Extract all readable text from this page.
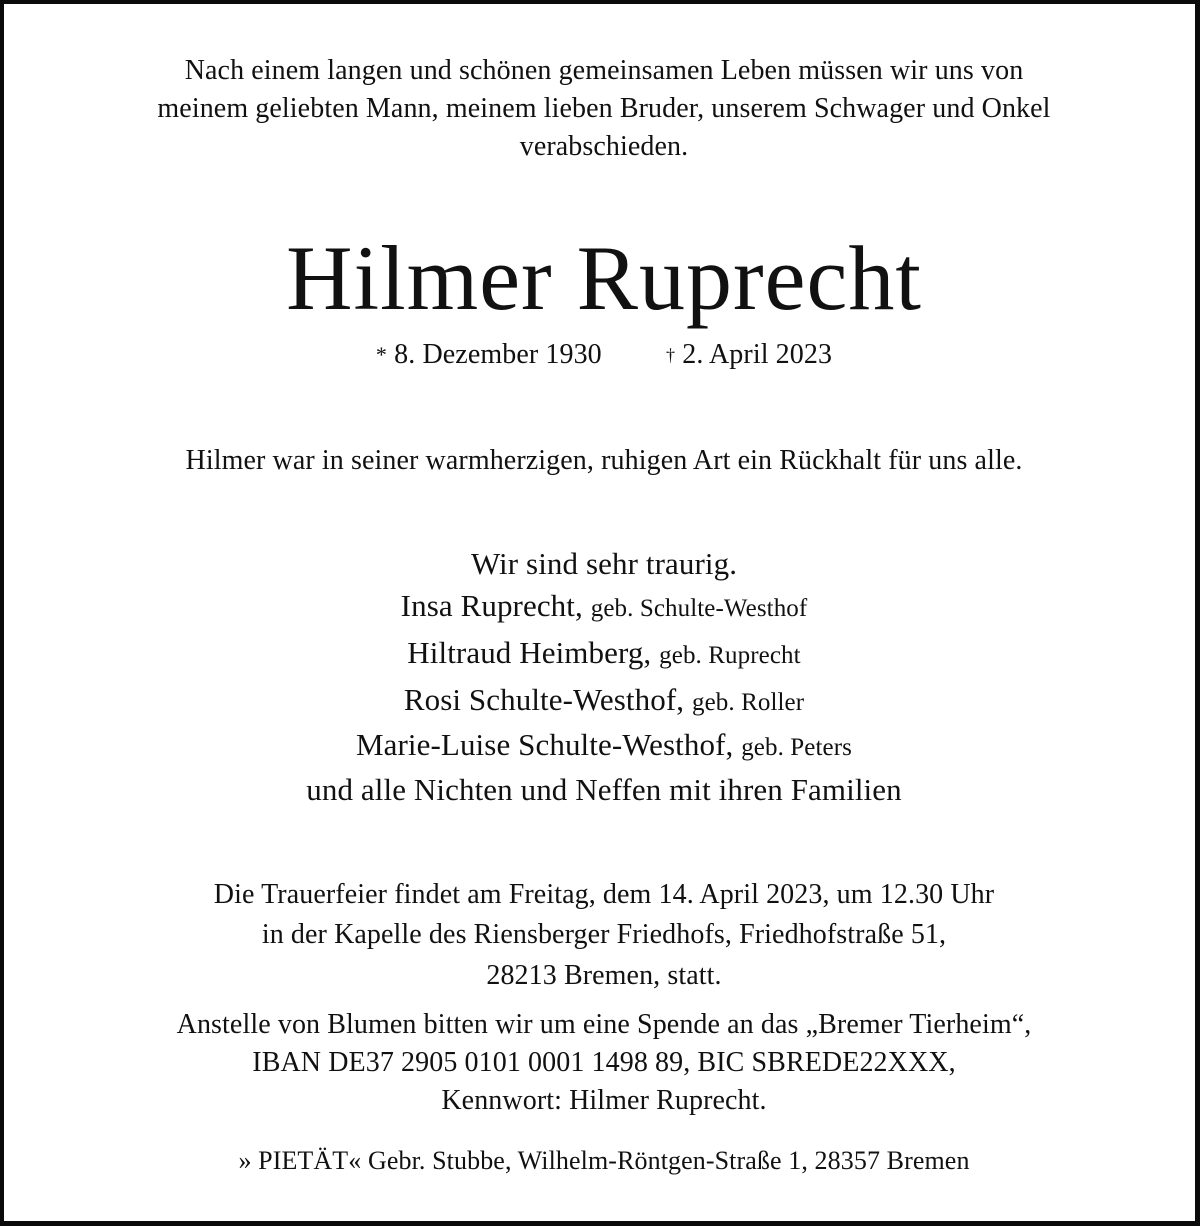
Nach einem langen und schönen gemeinsamen Leben müssen wir uns von
meinem geliebten Mann, meinem lieben Bruder, unserem Schwager und Onkel
verabschieden.
Hilmer Ruprecht
* 8. Dezember 1930	† 2. April 2023
Hilmer war in seiner warmherzigen, ruhigen Art ein Rückhalt für uns alle.
Wir sind sehr traurig.
Insa Ruprecht, geb. Schulte-Westhof
Hiltraud Heimberg, geb. Ruprecht
Rosi Schulte-Westhof, geb. Roller
Marie-Luise Schulte-Westhof, geb. Peters
und alle Nichten und Neffen mit ihren Familien
Die Trauerfeier findet am Freitag, dem 14. April 2023, um 12.30 Uhr
in der Kapelle des Riensberger Friedhofs, Friedhofstraße 51,
28213 Bremen, statt.
Anstelle von Blumen bitten wir um eine Spende an das „Bremer Tierheim“,
IBAN DE37 2905 0101 0001 1498 89, BIC SBREDE22XXX,
Kennwort: Hilmer Ruprecht.
» PIETÄT« Gebr. Stubbe, Wilhelm-Röntgen-Straße 1, 28357 Bremen
